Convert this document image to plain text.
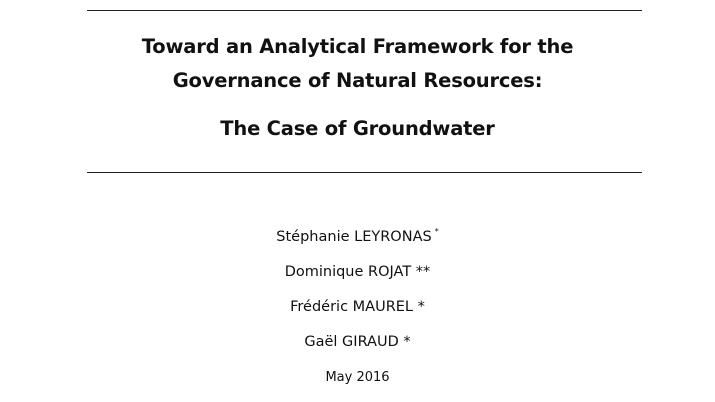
Toward an Analytical Framework for the
Governance of Natural Resources:
The Case of Groundwater
Stéphanie LEYRONAS *
Dominique ROJAT **
Frédéric MAUREL *
Gaël GIRAUD *
May 2016
